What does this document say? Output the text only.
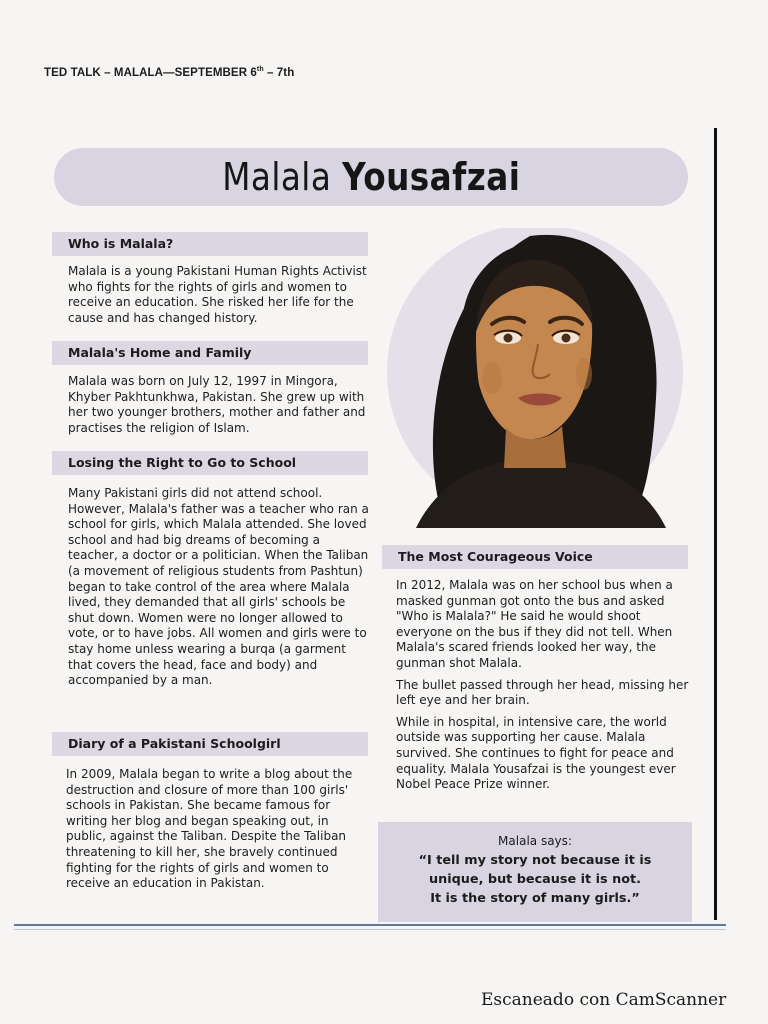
TED TALK – MALALA—SEPTEMBER 6th – 7th
Malala Yousafzai
Who is Malala?
Malala is a young Pakistani Human Rights Activist who fights for the rights of girls and women to receive an education. She risked her life for the cause and has changed history.
Malala's Home and Family
Malala was born on July 12, 1997 in Mingora, Khyber Pakhtunkhwa, Pakistan. She grew up with her two younger brothers, mother and father and practises the religion of Islam.
Losing the Right to Go to School
Many Pakistani girls did not attend school. However, Malala's father was a teacher who ran a school for girls, which Malala attended. She loved school and had big dreams of becoming a teacher, a doctor or a politician. When the Taliban (a movement of religious students from Pashtun) began to take control of the area where Malala lived, they demanded that all girls' schools be shut down. Women were no longer allowed to vote, or to have jobs. All women and girls were to stay home unless wearing a burqa (a garment that covers the head, face and body) and accompanied by a man.
Diary of a Pakistani Schoolgirl
In 2009, Malala began to write a blog about the destruction and closure of more than 100 girls' schools in Pakistan. She became famous for writing her blog and began speaking out, in public, against the Taliban. Despite the Taliban threatening to kill her, she bravely continued fighting for the rights of girls and women to receive an education in Pakistan.
The Most Courageous Voice

In 2012, Malala was on her school bus when a masked gunman got onto the bus and asked "Who is Malala?" He said he would shoot everyone on the bus if they did not tell. When Malala's scared friends looked her way, the gunman shot Malala.

The bullet passed through her head, missing her left eye and her brain.

While in hospital, in intensive care, the world outside was supporting her cause. Malala survived. She continues to fight for peace and equality. Malala Yousafzai is the youngest ever Nobel Peace Prize winner.

Malala says:
“I tell my story not because it is
unique, but because it is not.
It is the story of many girls.”
Escaneado con CamScanner
